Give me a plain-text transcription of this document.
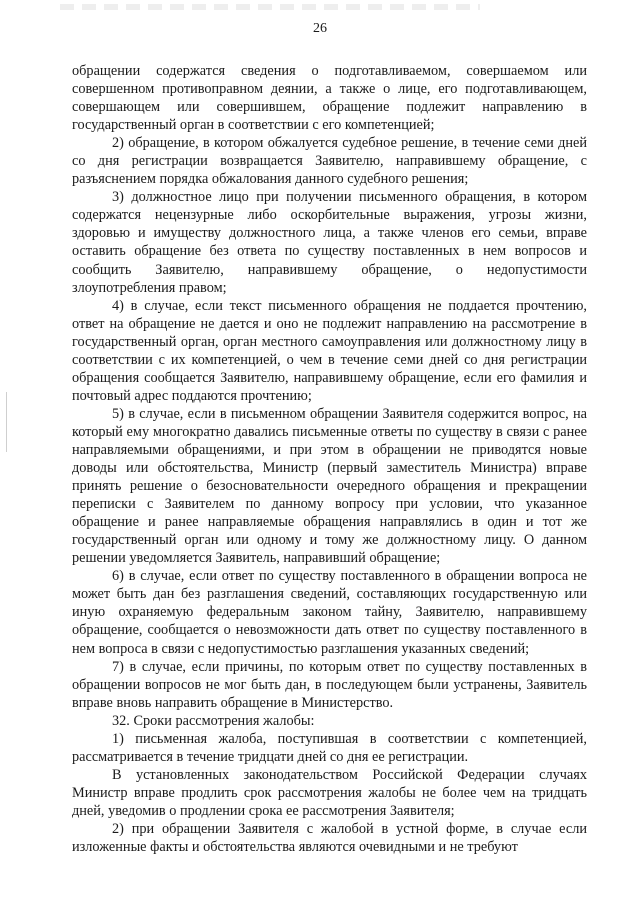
26

обращении содержатся сведения о подготавливаемом, совершаемом или совершенном противоправном деянии, а также о лице, его подготавливающем, совершающем или совершившем, обращение подлежит направлению в государственный орган в соответствии с его компетенцией;

2) обращение, в котором обжалуется судебное решение, в течение семи дней со дня регистрации возвращается Заявителю, направившему обращение, с разъяснением порядка обжалования данного судебного решения;

3) должностное лицо при получении письменного обращения, в котором содержатся нецензурные либо оскорбительные выражения, угрозы жизни, здоровью и имуществу должностного лица, а также членов его семьи, вправе оставить обращение без ответа по существу поставленных в нем вопросов и сообщить Заявителю, направившему обращение, о недопустимости злоупотребления правом;

4) в случае, если текст письменного обращения не поддается прочтению, ответ на обращение не дается и оно не подлежит направлению на рассмотрение в государственный орган, орган местного самоуправления или должностному лицу в соответствии с их компетенцией, о чем в течение семи дней со дня регистрации обращения сообщается Заявителю, направившему обращение, если его фамилия и почтовый адрес поддаются прочтению;

5) в случае, если в письменном обращении Заявителя содержится вопрос, на который ему многократно давались письменные ответы по существу в связи с ранее направляемыми обращениями, и при этом в обращении не приводятся новые доводы или обстоятельства, Министр (первый заместитель Министра) вправе принять решение о безосновательности очередного обращения и прекращении переписки с Заявителем по данному вопросу при условии, что указанное обращение и ранее направляемые обращения направлялись в один и тот же государственный орган или одному и тому же должностному лицу. О данном решении уведомляется Заявитель, направивший обращение;

6) в случае, если ответ по существу поставленного в обращении вопроса не может быть дан без разглашения сведений, составляющих государственную или иную охраняемую федеральным законом тайну, Заявителю, направившему обращение, сообщается о невозможности дать ответ по существу поставленного в нем вопроса в связи с недопустимостью разглашения указанных сведений;

7) в случае, если причины, по которым ответ по существу поставленных в обращении вопросов не мог быть дан, в последующем были устранены, Заявитель вправе вновь направить обращение в Министерство.

32. Сроки рассмотрения жалобы:

1) письменная жалоба, поступившая в соответствии с компетенцией, рассматривается в течение тридцати дней со дня ее регистрации.

В установленных законодательством Российской Федерации случаях Министр вправе продлить срок рассмотрения жалобы не более чем на тридцать дней, уведомив о продлении срока ее рассмотрения Заявителя;

2) при обращении Заявителя с жалобой в устной форме, в случае если изложенные факты и обстоятельства являются очевидными и не требуют
